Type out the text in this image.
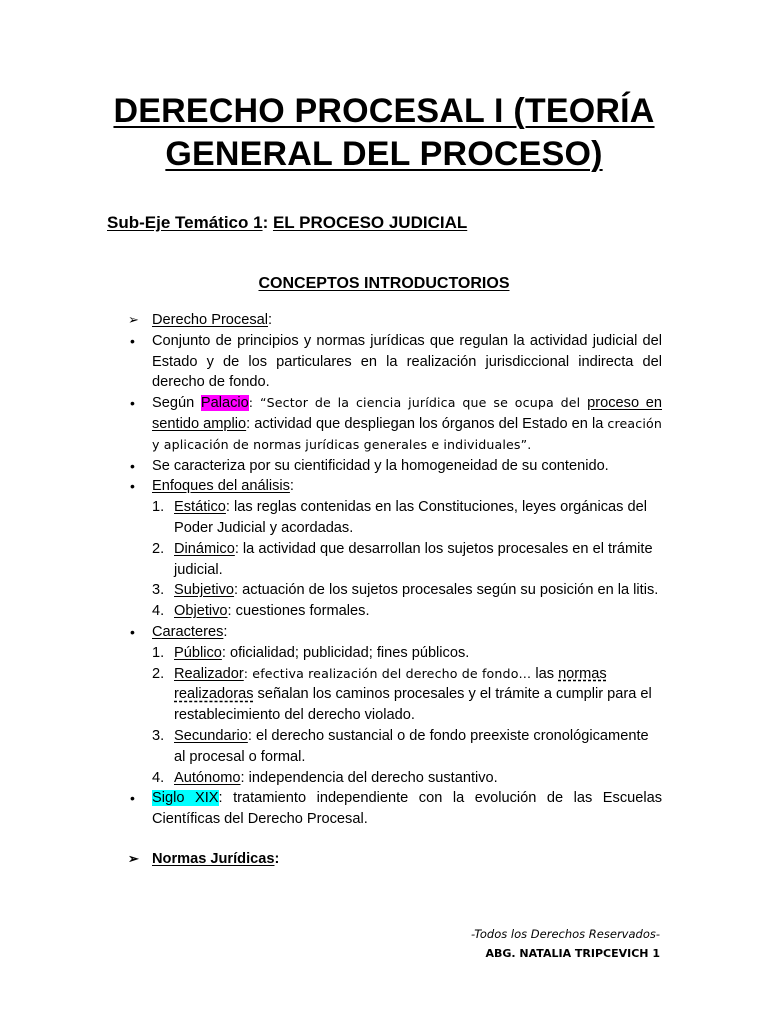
DERECHO PROCESAL I (TEORÍA
GENERAL DEL PROCESO)
Sub-Eje Temático 1: EL PROCESO JUDICIAL
CONCEPTOS INTRODUCTORIOS
➢ Derecho Procesal:
• Conjunto de principios y normas jurídicas que regulan la actividad judicial del Estado y de los particulares en la realización jurisdiccional indirecta del derecho de fondo.
• Según Palacio: “Sector de la ciencia jurídica que se ocupa del proceso en sentido amplio: actividad que despliegan los órganos del Estado en la creación y aplicación de normas jurídicas generales e individuales”.
• Se caracteriza por su cientificidad y la homogeneidad de su contenido.
• Enfoques del análisis:
1. Estático: las reglas contenidas en las Constituciones, leyes orgánicas del Poder Judicial y acordadas.
2. Dinámico: la actividad que desarrollan los sujetos procesales en el trámite judicial.
3. Subjetivo: actuación de los sujetos procesales según su posición en la litis.
4. Objetivo: cuestiones formales.
• Caracteres:
1. Público: oficialidad; publicidad; fines públicos.
2. Realizador: efectiva realización del derecho de fondo… las normas realizadoras señalan los caminos procesales y el trámite a cumplir para el restablecimiento del derecho violado.
3. Secundario: el derecho sustancial o de fondo preexiste cronológicamente al procesal o formal.
4. Autónomo: independencia del derecho sustantivo.
• Siglo XIX: tratamiento independiente con la evolución de las Escuelas Científicas del Derecho Procesal.
➢ Normas Jurídicas:
-Todos los Derechos Reservados-
ABG. NATALIA TRIPCEVICH 1
